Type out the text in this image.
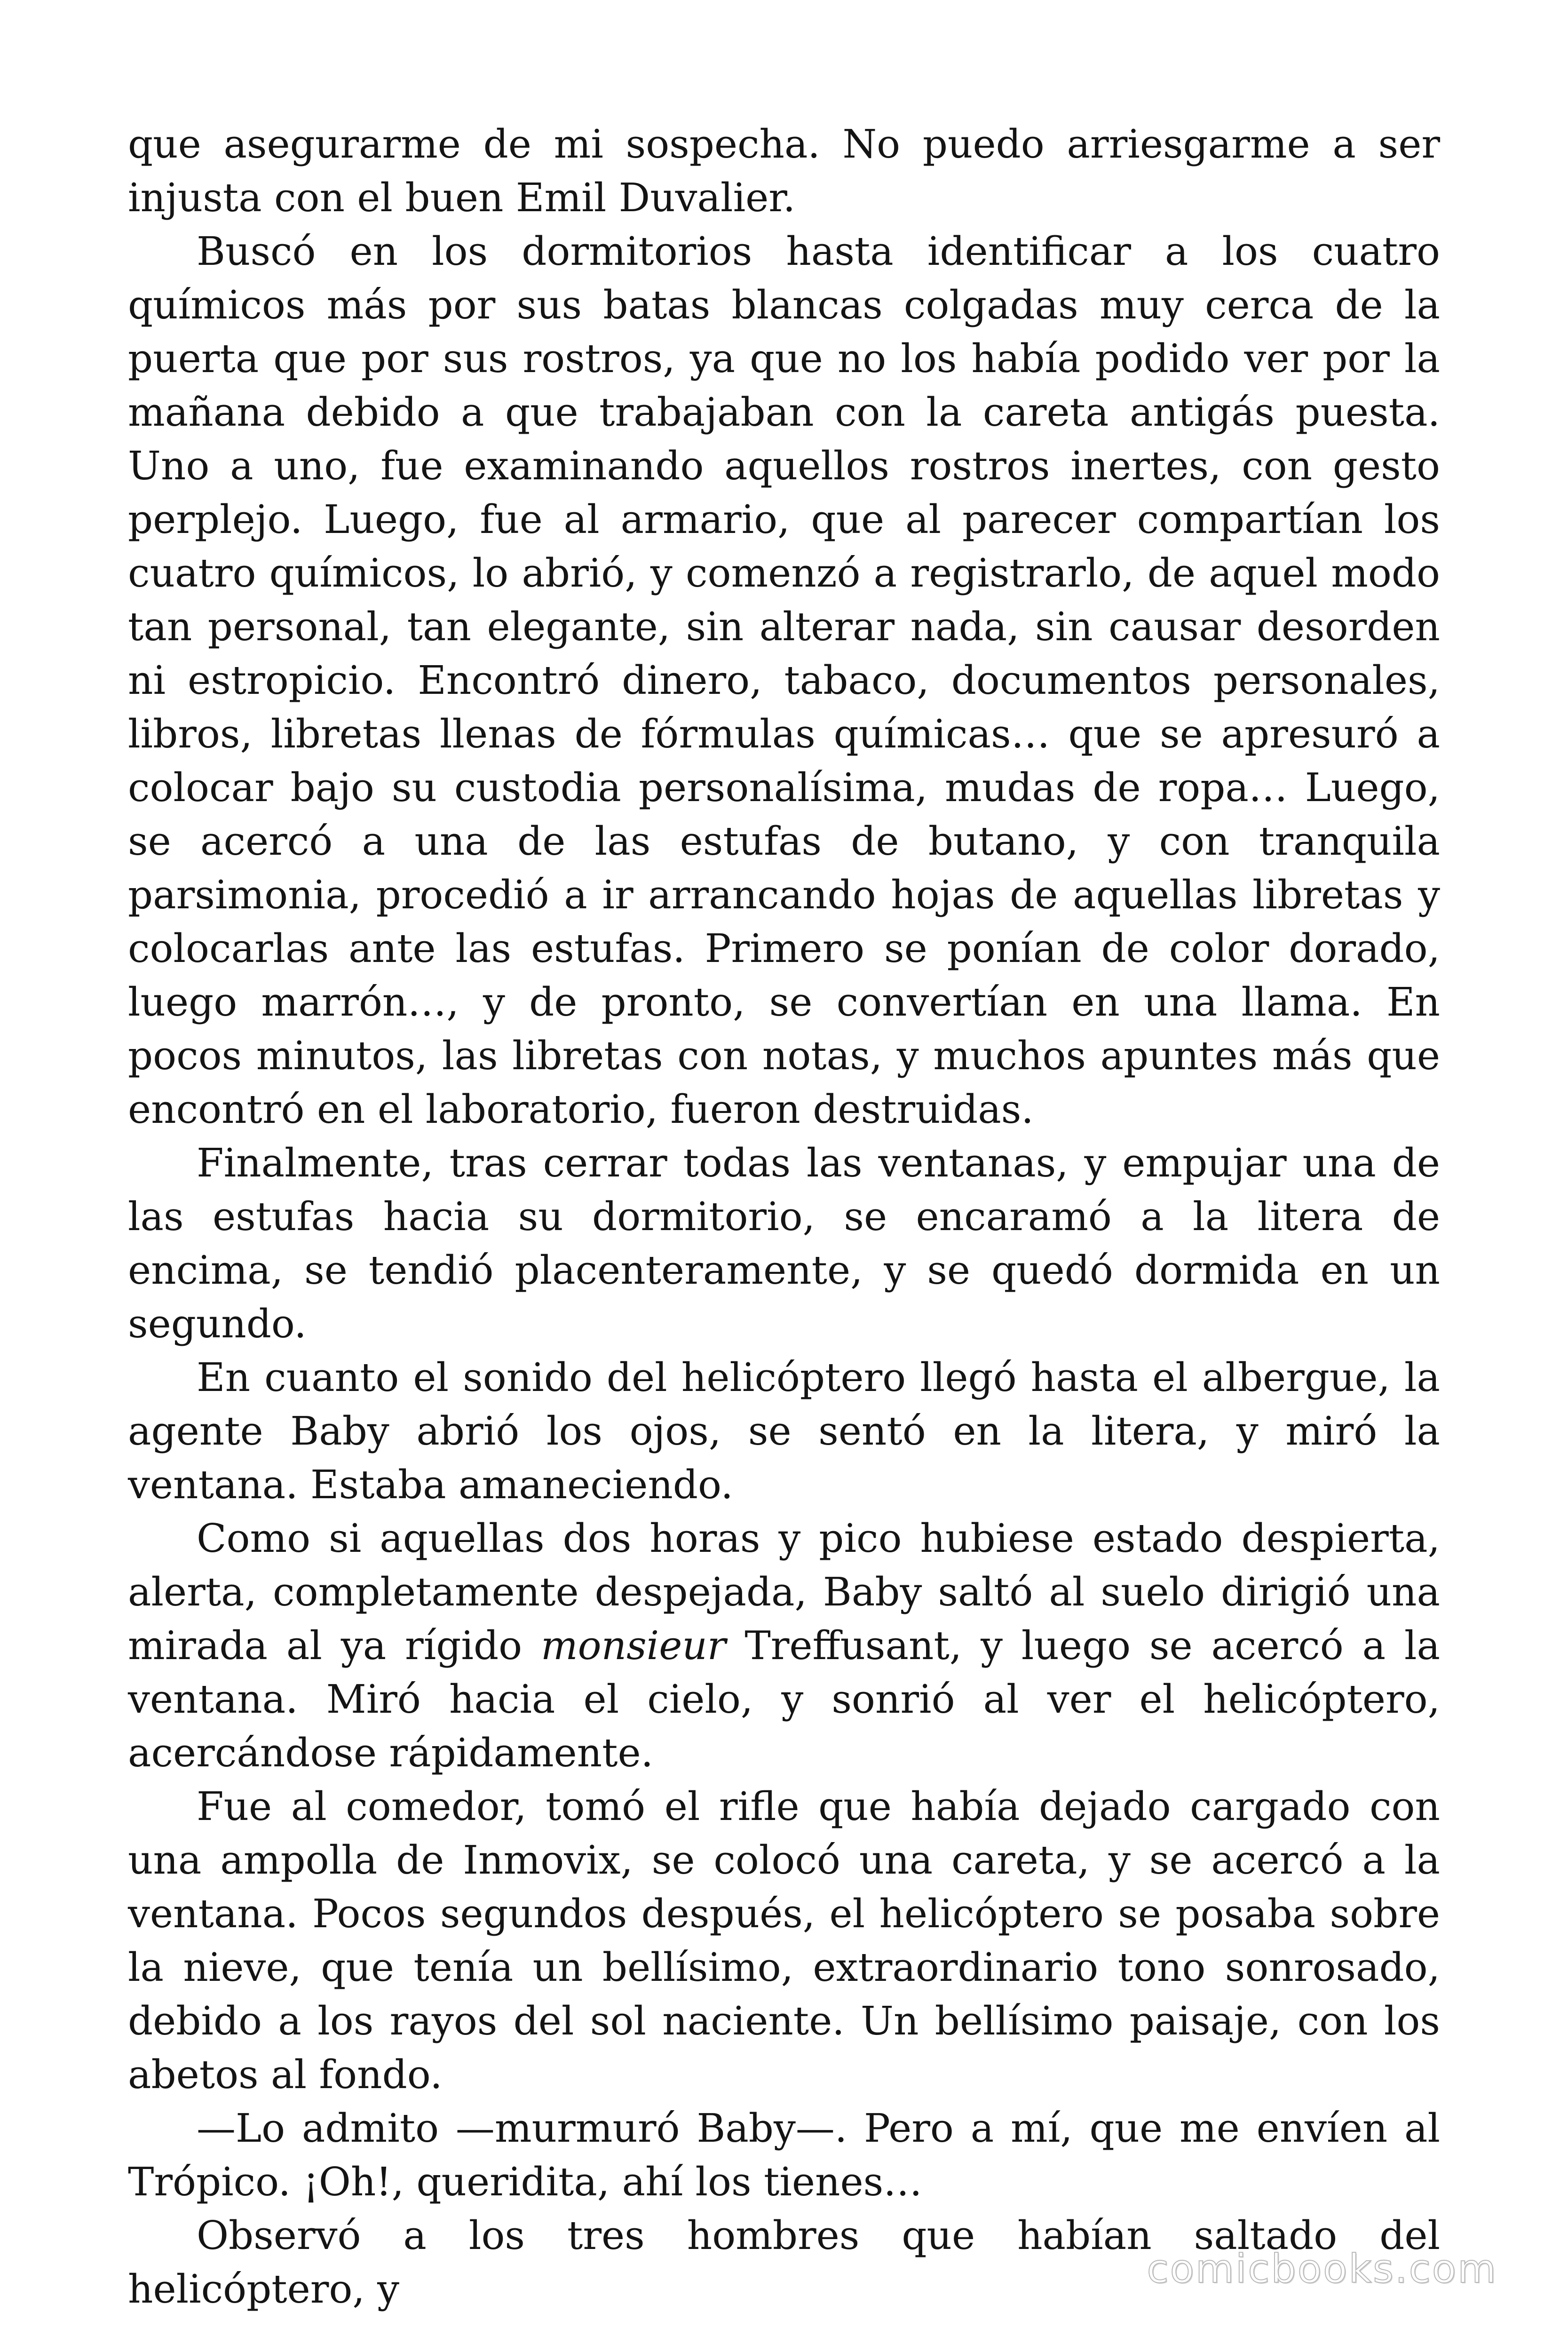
que asegurarme de mi sospecha. No puedo arriesgarme a ser injusta con el buen Emil Duvalier.

Buscó en los dormitorios hasta identificar a los cuatro químicos más por sus batas blancas colgadas muy cerca de la puerta que por sus rostros, ya que no los había podido ver por la mañana debido a que trabajaban con la careta antigás puesta. Uno a uno, fue examinando aquellos rostros inertes, con gesto perplejo. Luego, fue al armario, que al parecer compartían los cuatro químicos, lo abrió, y comenzó a registrarlo, de aquel modo tan personal, tan elegante, sin alterar nada, sin causar desorden ni estropicio. Encontró dinero, tabaco, documentos personales, libros, libretas llenas de fórmulas químicas… que se apresuró a colocar bajo su custodia personalísima, mudas de ropa… Luego, se acercó a una de las estufas de butano, y con tranquila parsimonia, procedió a ir arrancando hojas de aquellas libretas y colocarlas ante las estufas. Primero se ponían de color dorado, luego marrón…, y de pronto, se convertían en una llama. En pocos minutos, las libretas con notas, y muchos apuntes más que encontró en el laboratorio, fueron destruidas.

Finalmente, tras cerrar todas las ventanas, y empujar una de las estufas hacia su dormitorio, se encaramó a la litera de encima, se tendió placenteramente, y se quedó dormida en un segundo.

En cuanto el sonido del helicóptero llegó hasta el albergue, la agente Baby abrió los ojos, se sentó en la litera, y miró la ventana. Estaba amaneciendo.

Como si aquellas dos horas y pico hubiese estado despierta, alerta, completamente despejada, Baby saltó al suelo dirigió una mirada al ya rígido monsieur Treffusant, y luego se acercó a la ventana. Miró hacia el cielo, y sonrió al ver el helicóptero, acercándose rápidamente.

Fue al comedor, tomó el rifle que había dejado cargado con una ampolla de Inmovix, se colocó una careta, y se acercó a la ventana. Pocos segundos después, el helicóptero se posaba sobre la nieve, que tenía un bellísimo, extraordinario tono sonrosado, debido a los rayos del sol naciente. Un bellísimo paisaje, con los abetos al fondo.

—Lo admito —murmuró Baby—. Pero a mí, que me envíen al Trópico. ¡Oh!, queridita, ahí los tienes…

Observó a los tres hombres que habían saltado del helicóptero, y	comicbooks.com
